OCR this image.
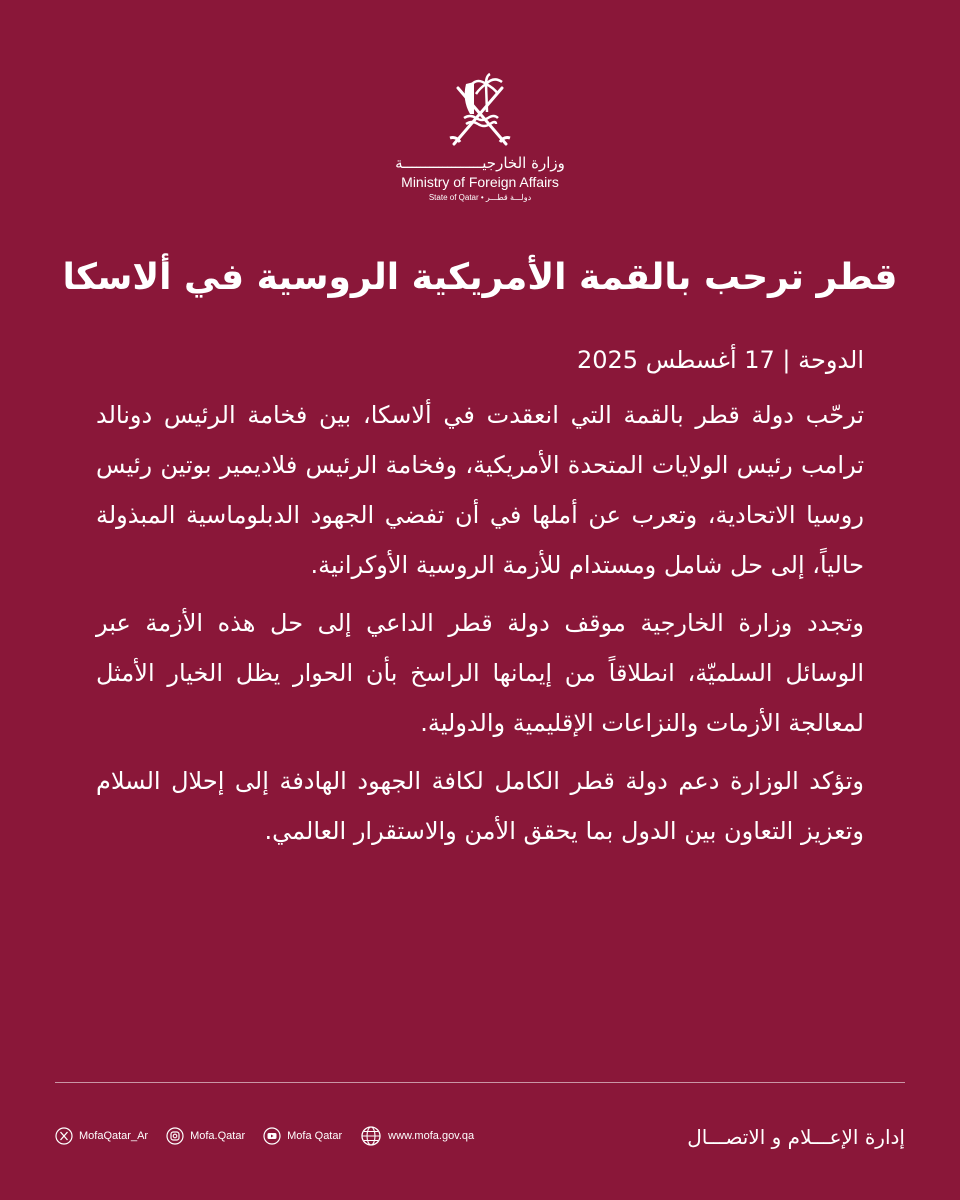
وزارة الخارجيــــــــــــــــــة
Ministry of Foreign Affairs
State of Qatar • دولـــة قطـــر
قطر ترحب بالقمة الأمريكية الروسية في ألاسكا
الدوحة | 17 أغسطس 2025

ترحّب دولة قطر بالقمة التي انعقدت في ألاسكا، بين فخامة الرئيس دونالد ترامب رئيس الولايات المتحدة الأمريكية، وفخامة الرئيس فلاديمير بوتين رئيس روسيا الاتحادية، وتعرب عن أملها في أن تفضي الجهود الدبلوماسية المبذولة حالياً، إلى حل شامل ومستدام للأزمة الروسية الأوكرانية.

وتجدد وزارة الخارجية موقف دولة قطر الداعي إلى حل هذه الأزمة عبر الوسائل السلميّة، انطلاقاً من إيمانها الراسخ بأن الحوار يظل الخيار الأمثل لمعالجة الأزمات والنزاعات الإقليمية والدولية.

وتؤكد الوزارة دعم دولة قطر الكامل لكافة الجهود الهادفة إلى إحلال السلام وتعزيز التعاون بين الدول بما يحقق الأمن والاستقرار العالمي.

إدارة الإعـــلام و الاتصـــال
MofaQatar_Ar	Mofa.Qatar	Mofa Qatar	www.mofa.gov.qa
